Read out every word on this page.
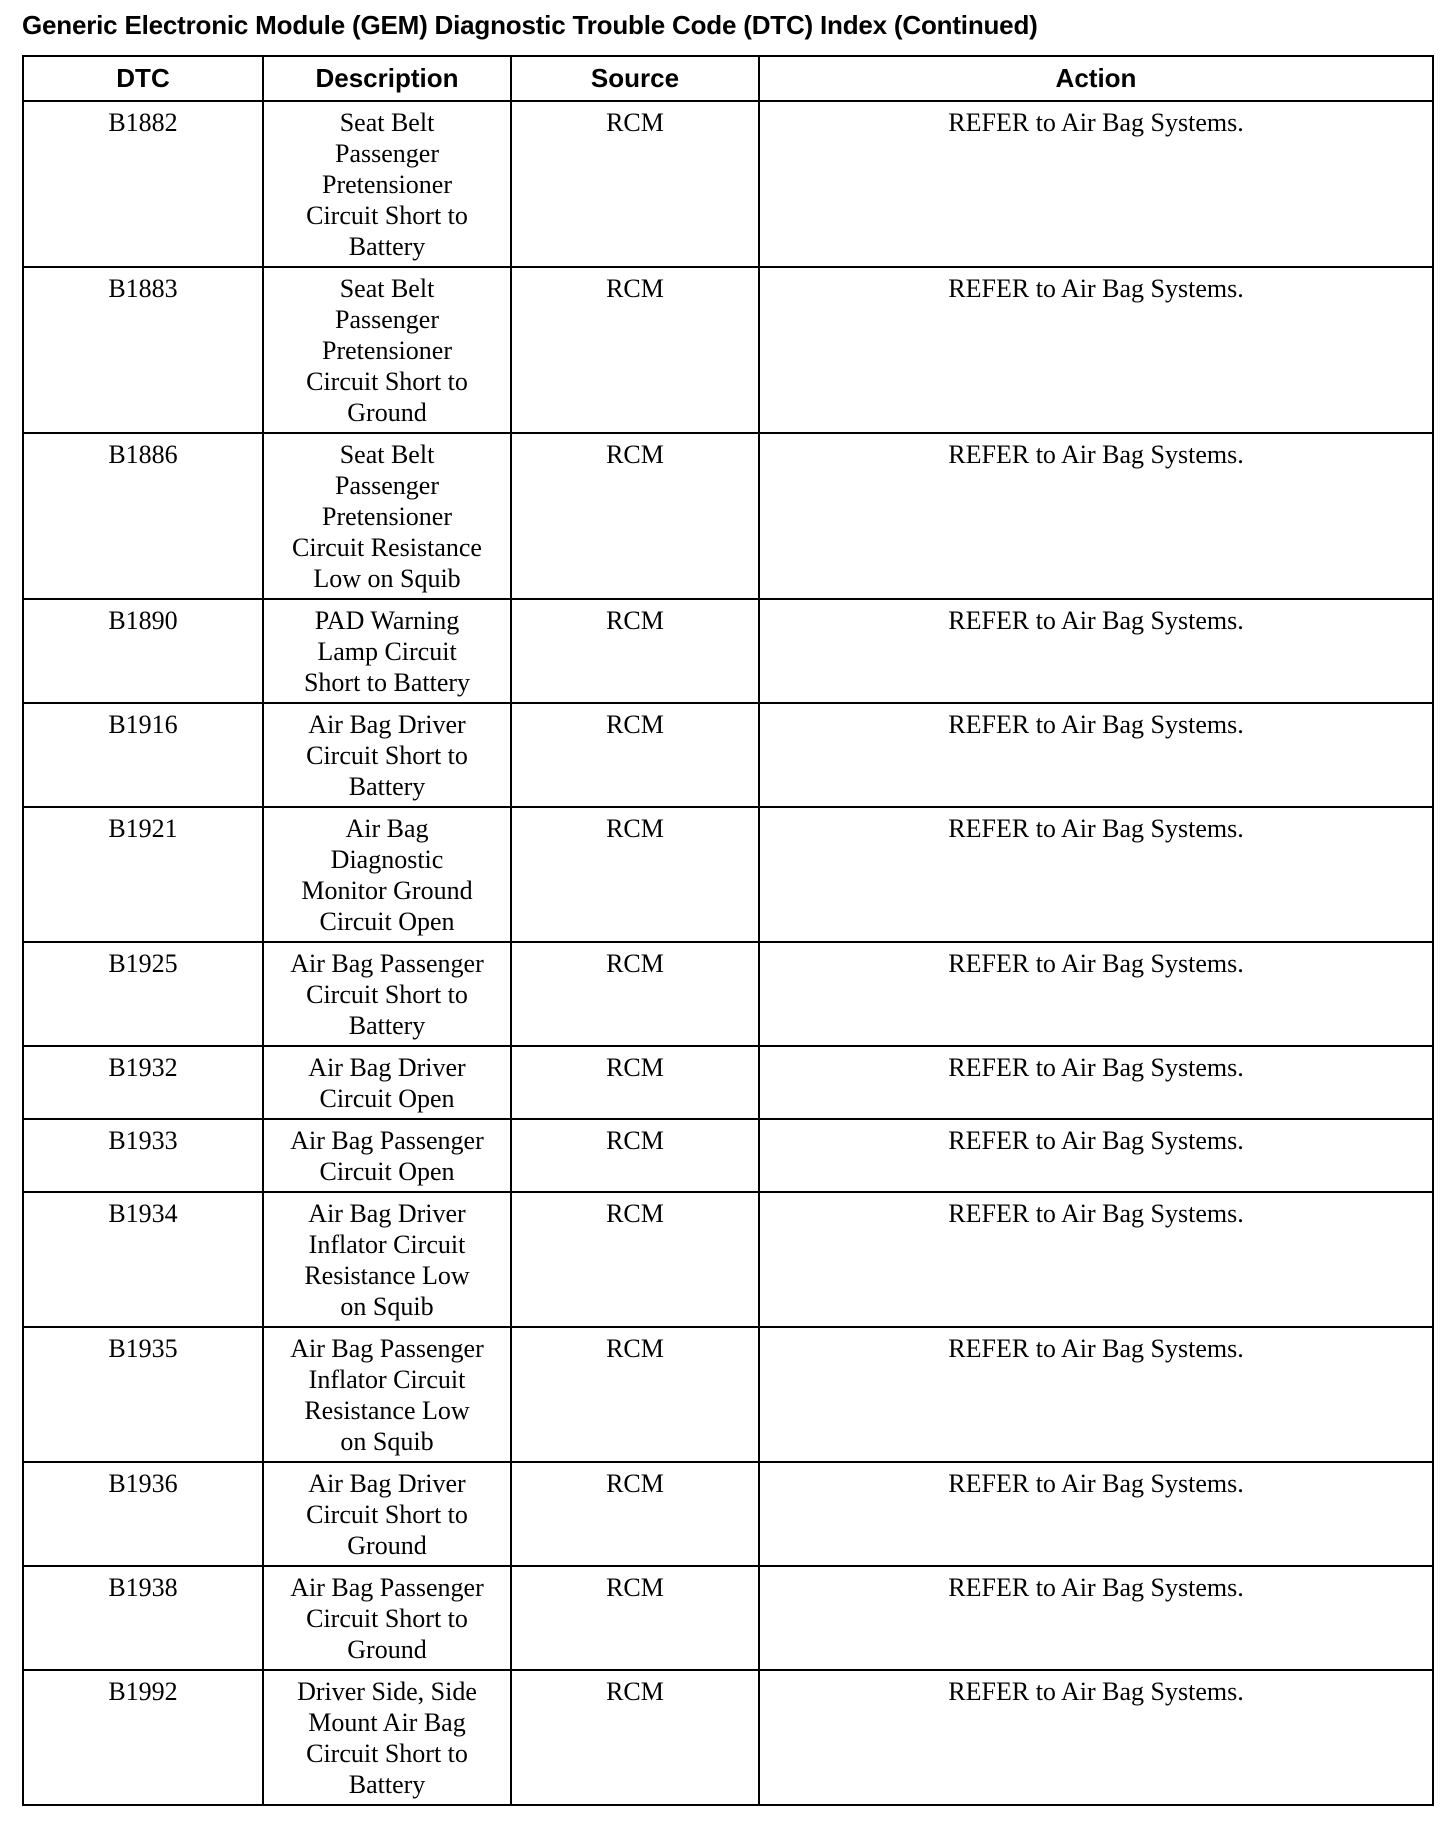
Generic Electronic Module (GEM) Diagnostic Trouble Code (DTC) Index (Continued)
DTC	Description	Source	Action
B1882	Seat Belt
Passenger
Pretensioner
Circuit Short to
Battery	RCM	REFER to Air Bag Systems.
B1883	Seat Belt
Passenger
Pretensioner
Circuit Short to
Ground	RCM	REFER to Air Bag Systems.
B1886	Seat Belt
Passenger
Pretensioner
Circuit Resistance
Low on Squib	RCM	REFER to Air Bag Systems.
B1890	PAD Warning
Lamp Circuit
Short to Battery	RCM	REFER to Air Bag Systems.
B1916	Air Bag Driver
Circuit Short to
Battery	RCM	REFER to Air Bag Systems.
B1921	Air Bag
Diagnostic
Monitor Ground
Circuit Open	RCM	REFER to Air Bag Systems.
B1925	Air Bag Passenger
Circuit Short to
Battery	RCM	REFER to Air Bag Systems.
B1932	Air Bag Driver
Circuit Open	RCM	REFER to Air Bag Systems.
B1933	Air Bag Passenger
Circuit Open	RCM	REFER to Air Bag Systems.
B1934	Air Bag Driver
Inflator Circuit
Resistance Low
on Squib	RCM	REFER to Air Bag Systems.
B1935	Air Bag Passenger
Inflator Circuit
Resistance Low
on Squib	RCM	REFER to Air Bag Systems.
B1936	Air Bag Driver
Circuit Short to
Ground	RCM	REFER to Air Bag Systems.
B1938	Air Bag Passenger
Circuit Short to
Ground	RCM	REFER to Air Bag Systems.
B1992	Driver Side, Side
Mount Air Bag
Circuit Short to
Battery	RCM	REFER to Air Bag Systems.
